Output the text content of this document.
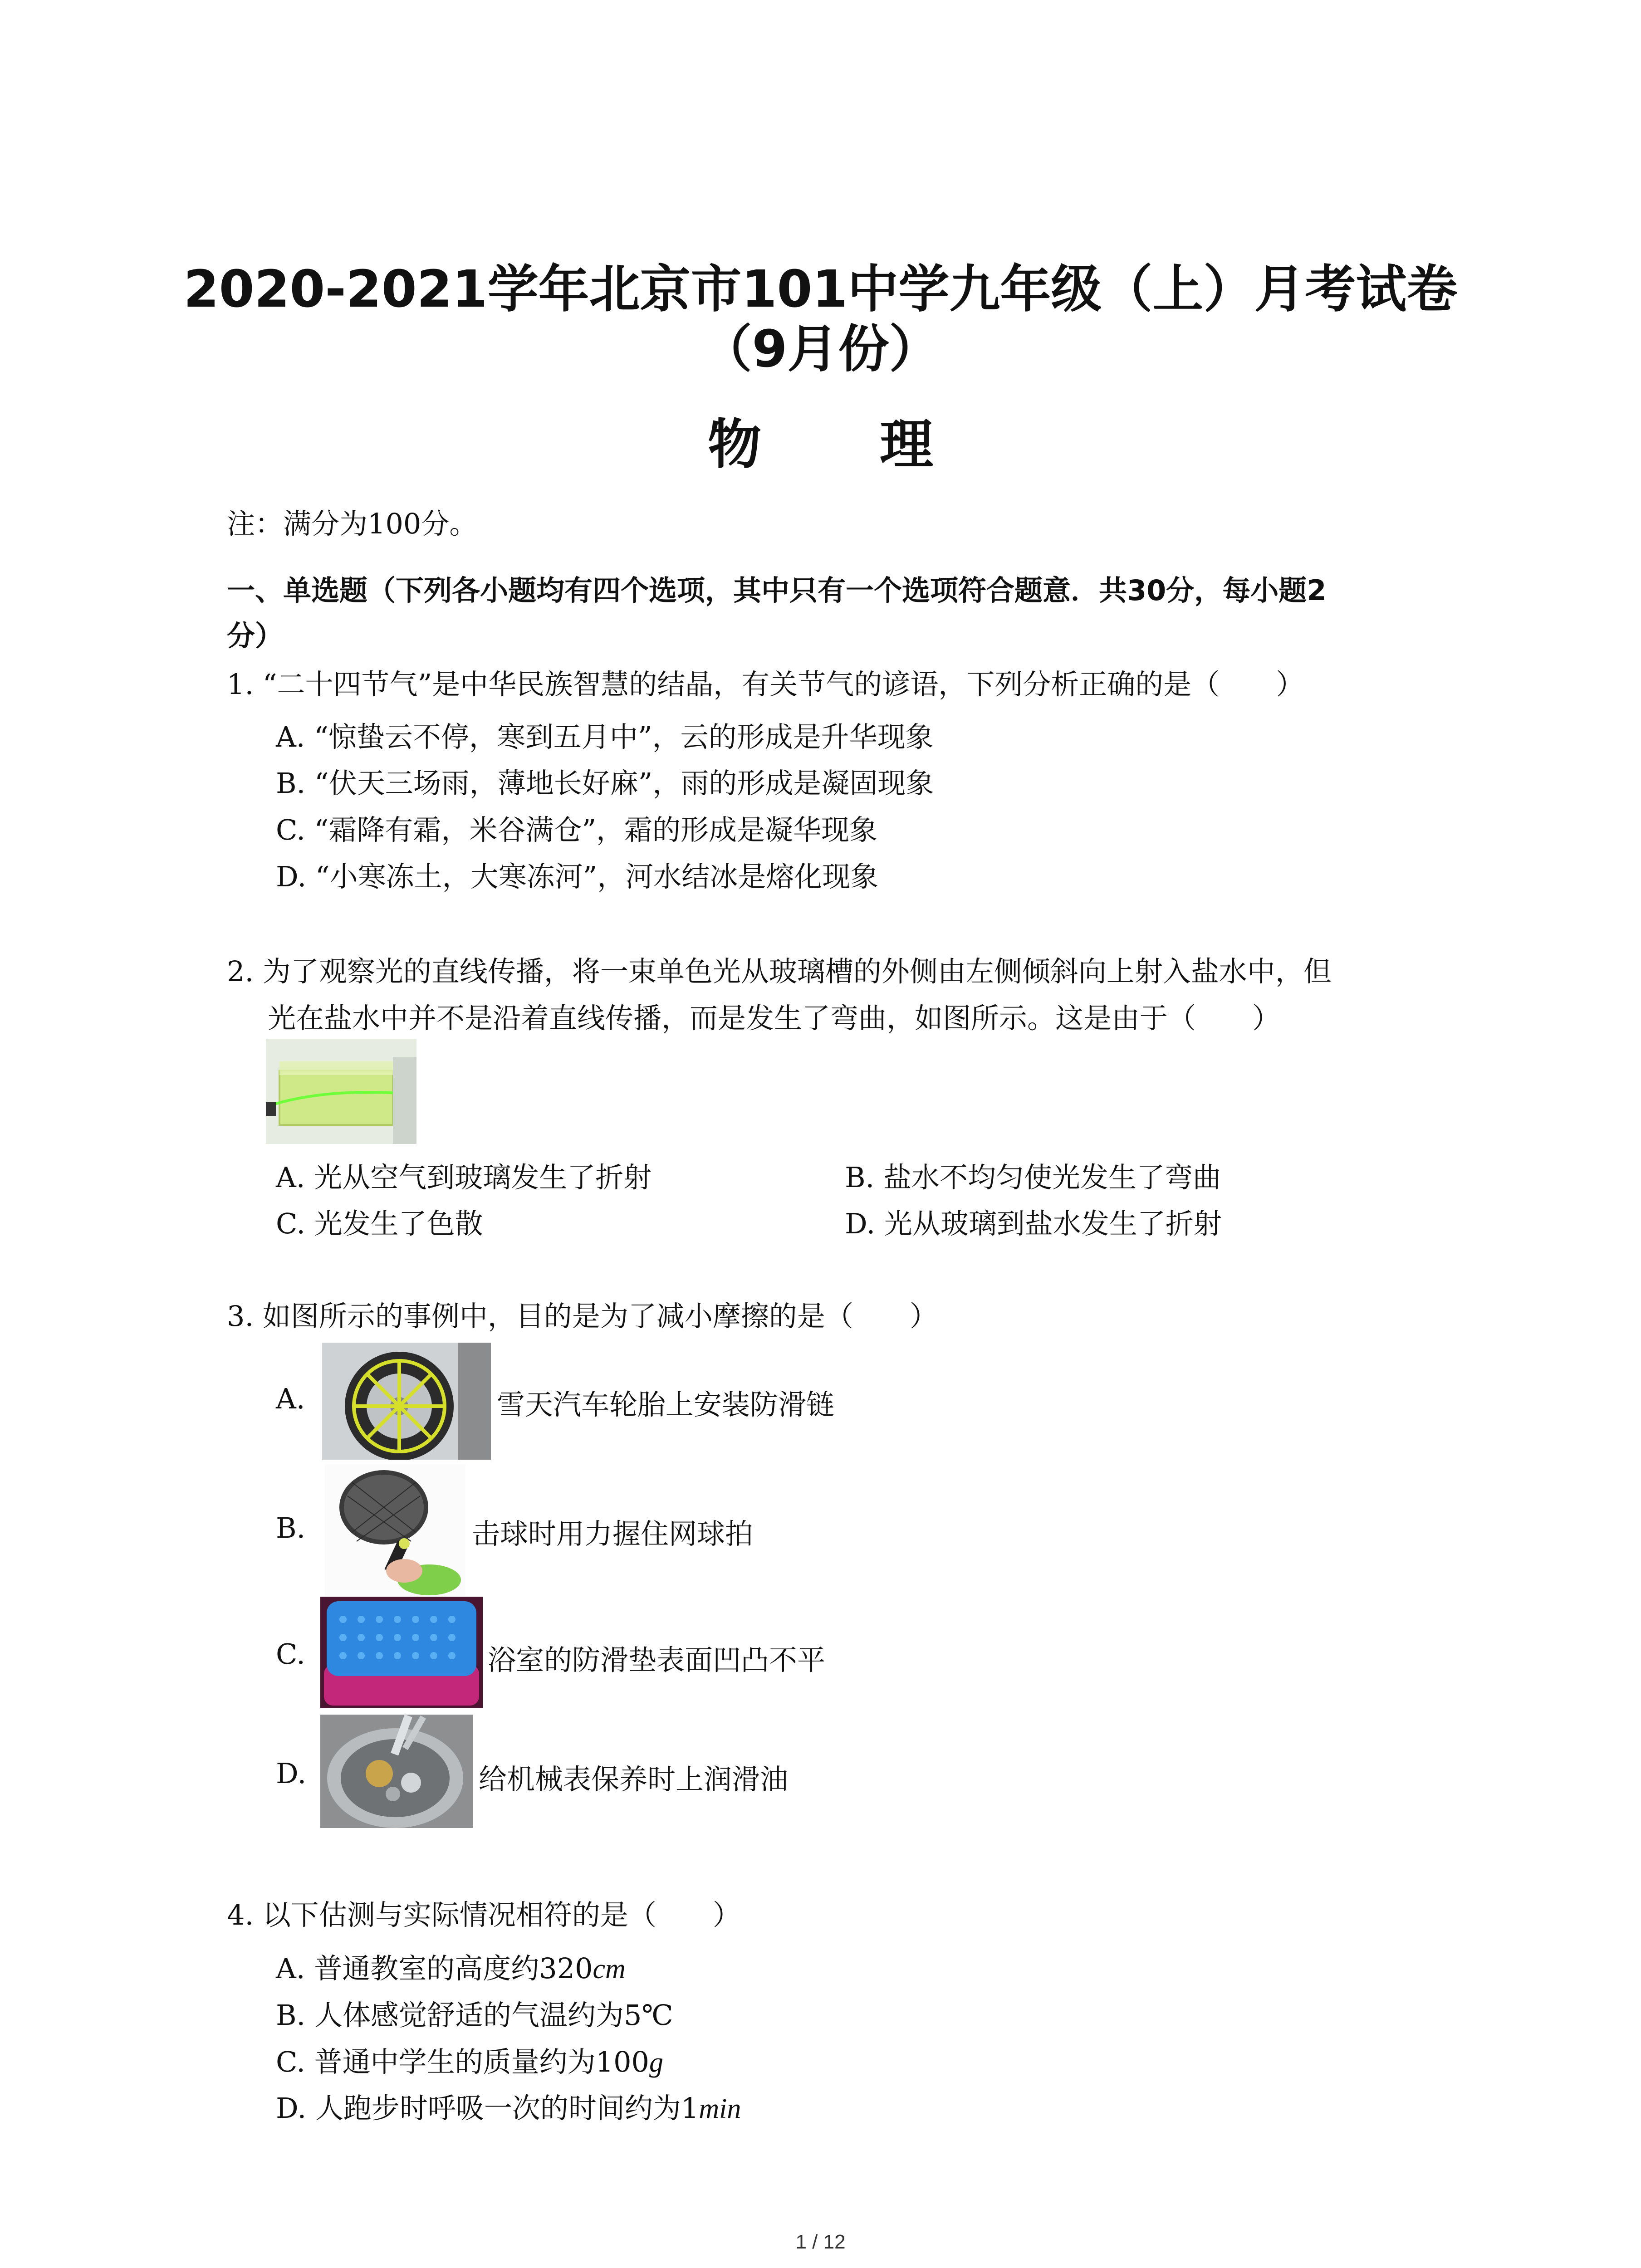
2020-2021学年北京市101中学九年级（上）月考试卷
（9月份）
物 理
注：满分为100分。
一、单选题（下列各小题均有四个选项，其中只有一个选项符合题意．共30分，每小题2
分）
1. “二十四节气”是中华民族智慧的结晶，有关节气的谚语，下列分析正确的是（　　）
A. “惊蛰云不停，寒到五月中”，云的形成是升华现象
B. “伏天三场雨，薄地长好麻”，雨的形成是凝固现象
C. “霜降有霜，米谷满仓”，霜的形成是凝华现象
D. “小寒冻土，大寒冻河”，河水结冰是熔化现象
2. 为了观察光的直线传播，将一束单色光从玻璃槽的外侧由左侧倾斜向上射入盐水中，但
光在盐水中并不是沿着直线传播，而是发生了弯曲，如图所示。这是由于（　　）
A. 光从空气到玻璃发生了折射	B. 盐水不均匀使光发生了弯曲
C. 光发生了色散	D. 光从玻璃到盐水发生了折射
3. 如图所示的事例中，目的是为了减小摩擦的是（　　）
A.	雪天汽车轮胎上安装防滑链
B.	击球时用力握住网球拍
C.	浴室的防滑垫表面凹凸不平
D.	给机械表保养时上润滑油
4. 以下估测与实际情况相符的是（　　）
A. 普通教室的高度约320cm
B. 人体感觉舒适的气温约为5℃
C. 普通中学生的质量约为100g
D. 人跑步时呼吸一次的时间约为1min
1 / 12
